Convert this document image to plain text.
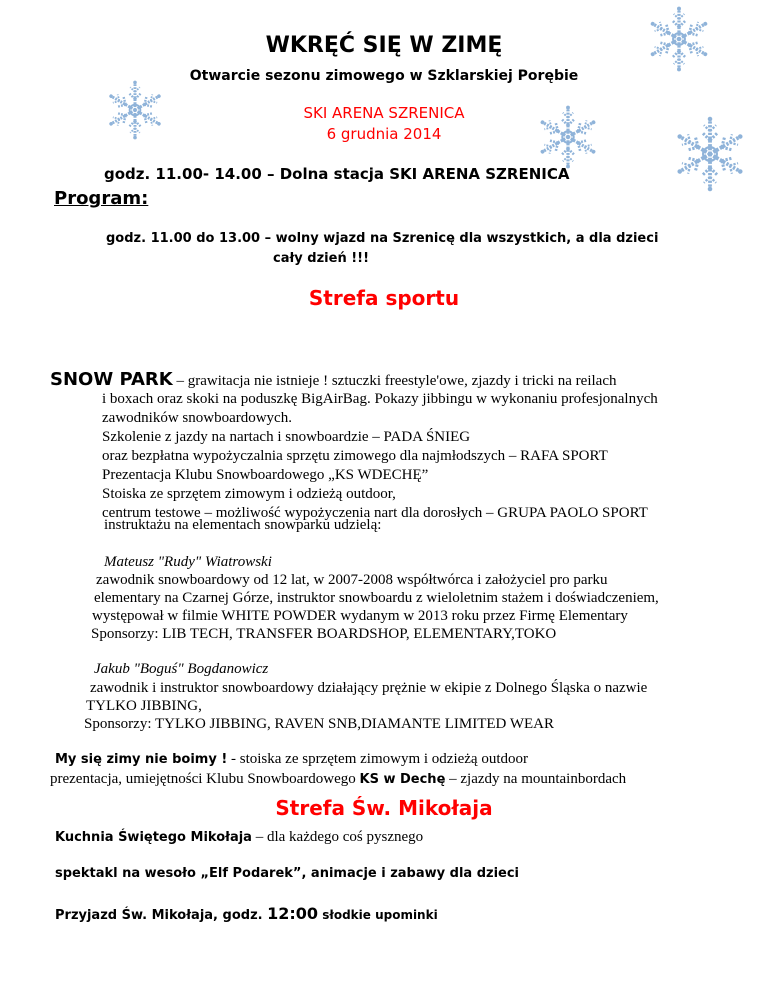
WKRĘĆ SIĘ W ZIMĘ
Otwarcie sezonu zimowego w Szklarskiej Porębie
SKI ARENA SZRENICA
6 grudnia 2014
godz. 11.00- 14.00 – Dolna stacja SKI ARENA SZRENICA
Program:
godz. 11.00 do 13.00 – wolny wjazd na Szrenicę dla wszystkich, a dla dzieci
cały dzień !!!
Strefa sportu
SNOW PARK – grawitacja nie istnieje ! sztuczki freestyle'owe, zjazdy i tricki na reilach
i boxach oraz skoki na poduszkę BigAirBag. Pokazy jibbingu w wykonaniu profesjonalnych
zawodników snowboardowych.
Szkolenie z jazdy na nartach i snowboardzie – PADA ŚNIEG
oraz bezpłatna wypożyczalnia sprzętu zimowego dla najmłodszych – RAFA SPORT
Prezentacja Klubu Snowboardowego „KS WDECHĘ”
Stoiska ze sprzętem zimowym i odzieżą outdoor,
centrum testowe – możliwość wypożyczenia nart dla dorosłych – GRUPA PAOLO SPORT
instruktażu na elementach snowparku udzielą:
Mateusz "Rudy" Wiatrowski
zawodnik snowboardowy od 12 lat, w 2007-2008 współtwórca i założyciel pro parku
elementary na Czarnej Górze, instruktor snowboardu z wieloletnim stażem i doświadczeniem,
występował w filmie WHITE POWDER wydanym w 2013 roku przez Firmę Elementary
Sponsorzy: LIB TECH, TRANSFER BOARDSHOP, ELEMENTARY,TOKO
Jakub "Boguś" Bogdanowicz
zawodnik i instruktor snowboardowy działający prężnie w ekipie z Dolnego Śląska o nazwie
TYLKO JIBBING,
Sponsorzy: TYLKO JIBBING, RAVEN SNB,DIAMANTE LIMITED WEAR
My się zimy nie boimy ! - stoiska ze sprzętem zimowym i odzieżą outdoor
prezentacja, umiejętności Klubu Snowboardowego KS w Dechę – zjazdy na mountainbordach
Strefa Św. Mikołaja
Kuchnia Świętego Mikołaja – dla każdego coś pysznego
spektakl na wesoło „Elf Podarek”, animacje i zabawy dla dzieci
Przyjazd Św. Mikołaja, godz. 12:00 słodkie upominki
